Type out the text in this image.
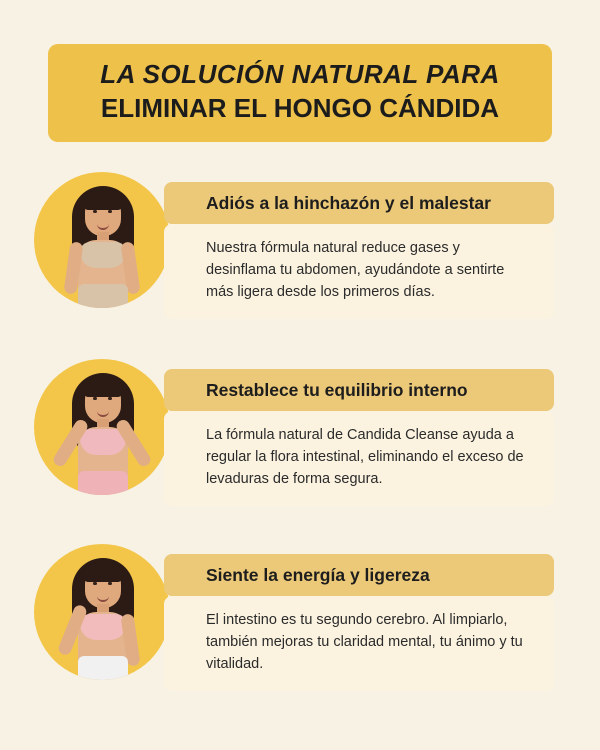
LA SOLUCIÓN NATURAL PARA
ELIMINAR EL HONGO CÁNDIDA
Adiós a la hinchazón y el malestar
Nuestra fórmula natural reduce gases y desinflama tu abdomen, ayudándote a sentirte más ligera desde los primeros días.
Restablece tu equilibrio interno
La fórmula natural de Candida Cleanse ayuda a regular la flora intestinal, eliminando el exceso de levaduras de forma segura.
Siente la energía y ligereza
El intestino es tu segundo cerebro. Al limpiarlo, también mejoras tu claridad mental, tu ánimo y tu vitalidad.
